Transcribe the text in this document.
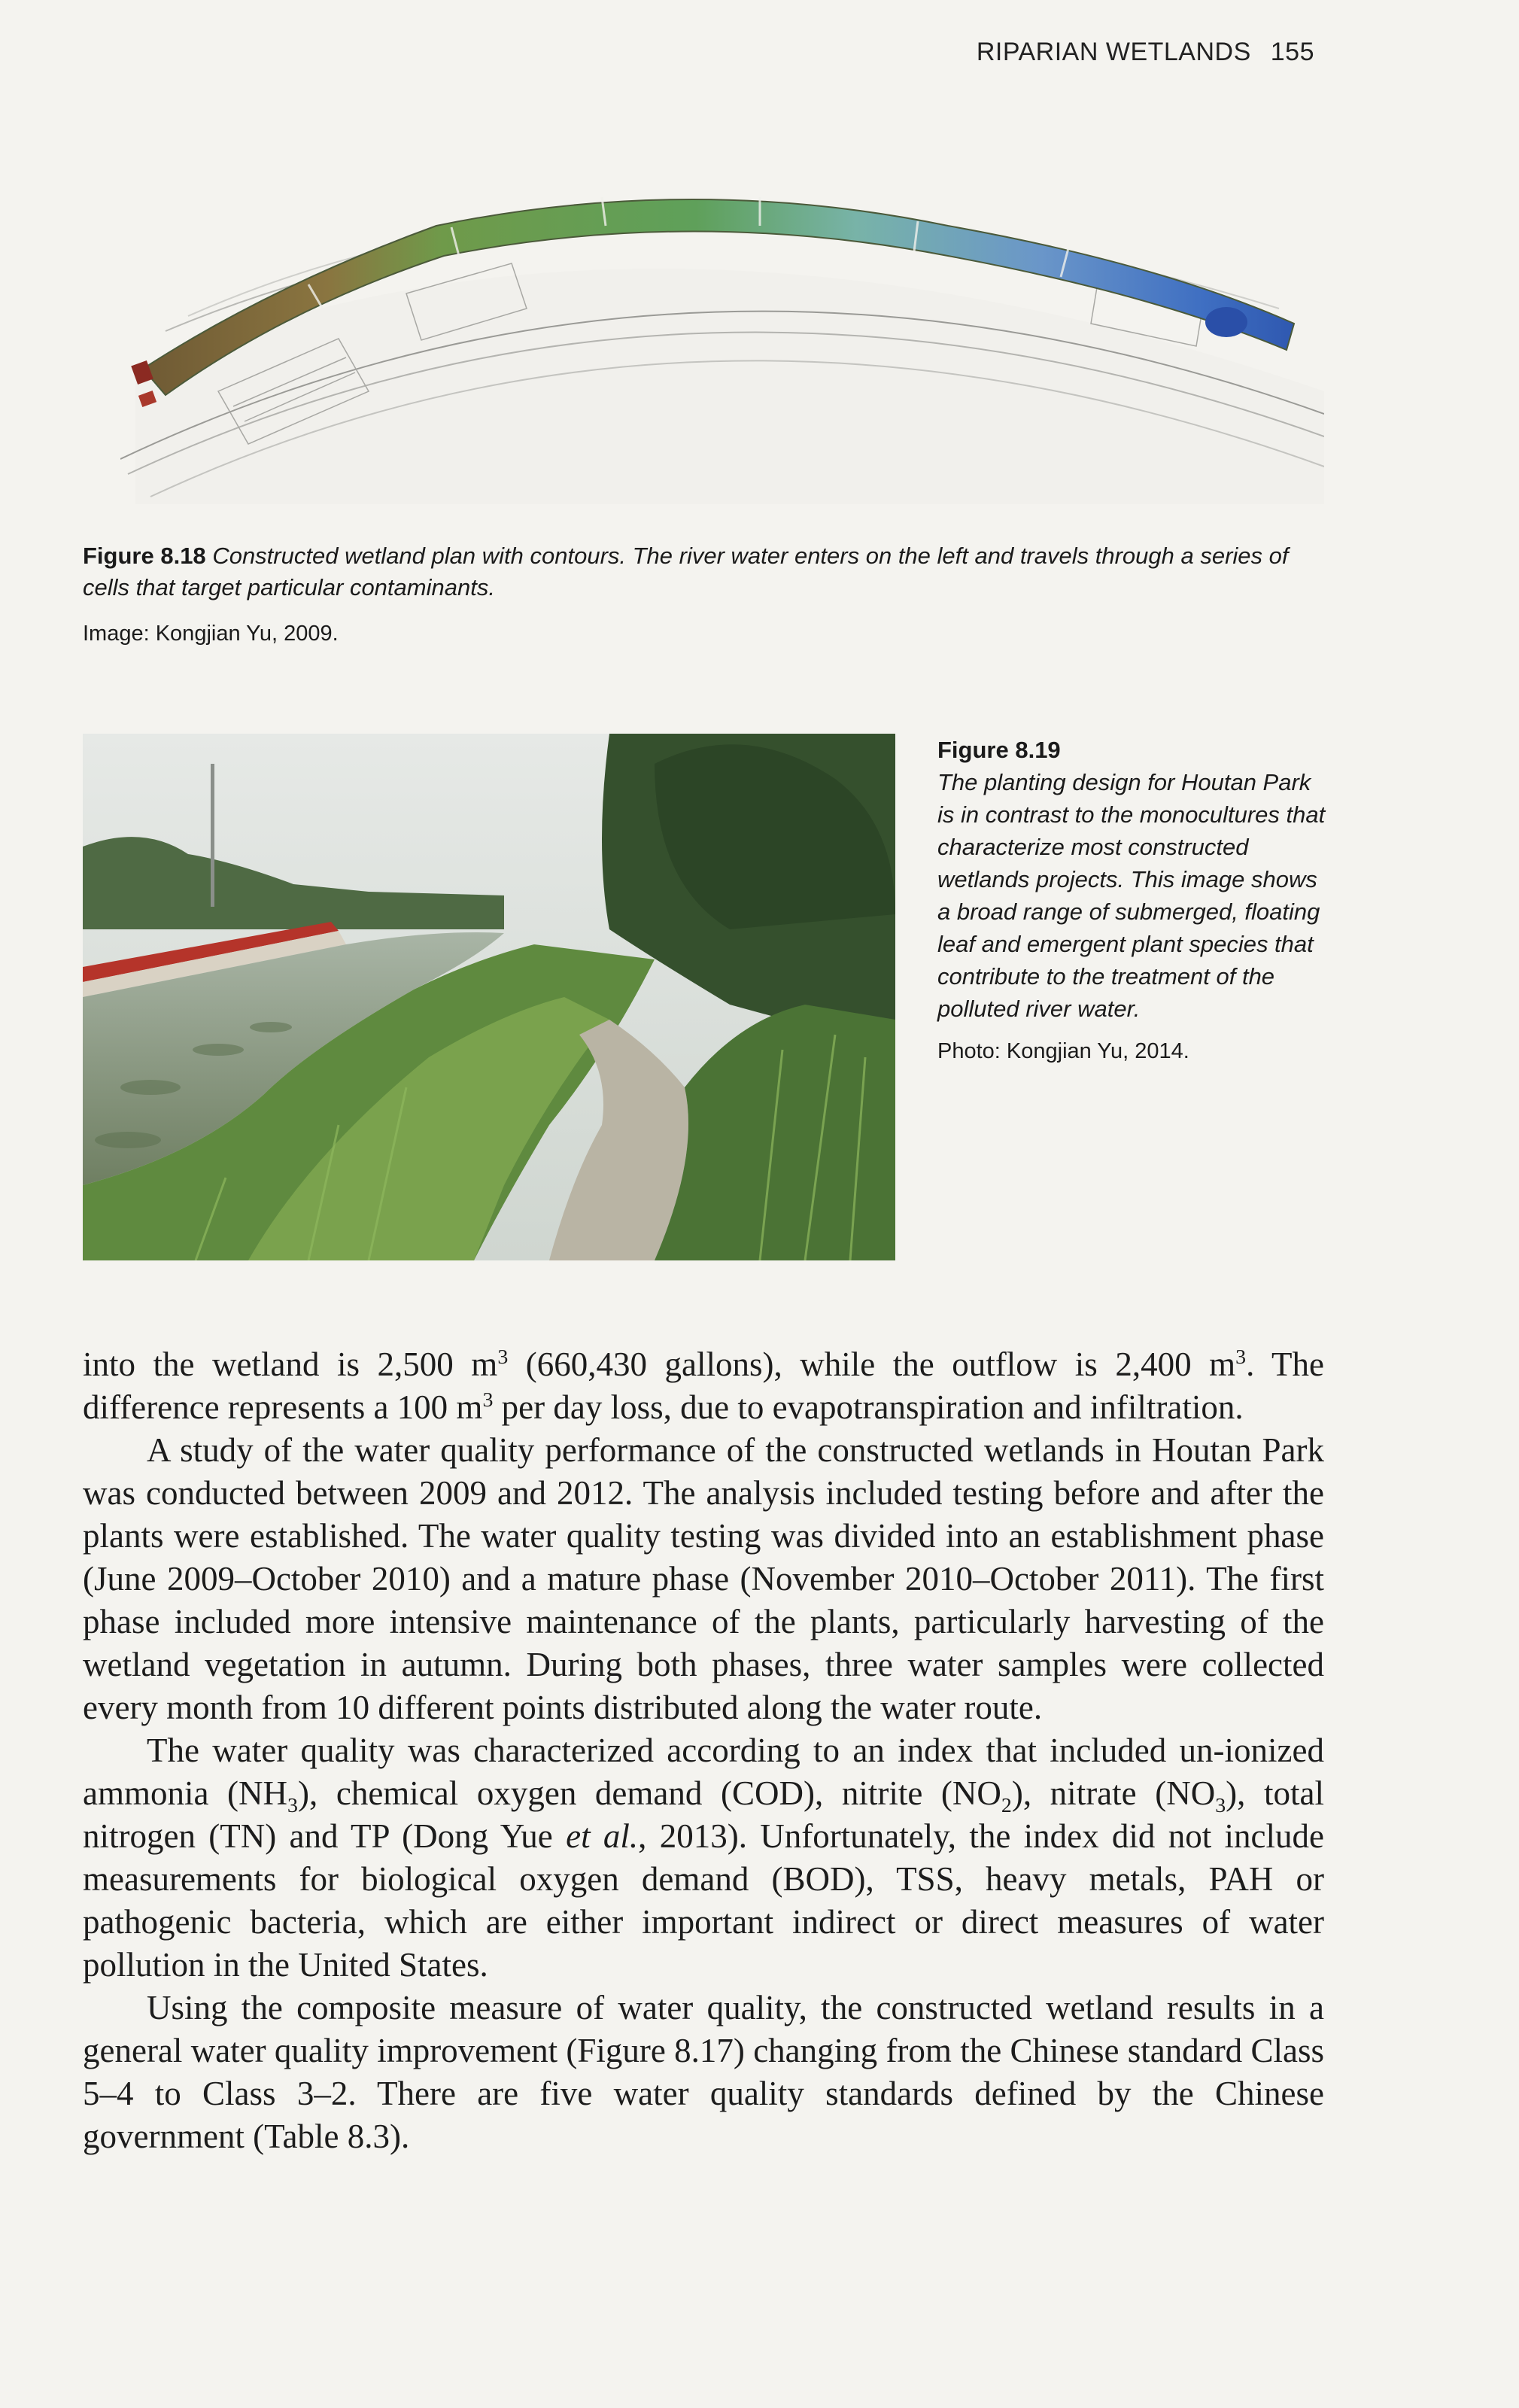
RIPARIAN WETLANDS 155
Figure 8.18 Constructed wetland plan with contours. The river water enters on the left and travels through a series of cells that target particular contaminants.
Image: Kongjian Yu, 2009.
Figure 8.19
The planting design for Houtan Park is in contrast to the monocultures that characterize most constructed wetlands projects. This image shows a broad range of submerged, floating leaf and emergent plant species that contribute to the treatment of the polluted river water.
Photo: Kongjian Yu, 2014.

into the wetland is 2,500 $m^3$ (660,430 gallons), while the outflow is 2,400 $m^3$. The difference represents a 100 $m^3$ per day loss, due to evapotranspiration and infiltration.

A study of the water quality performance of the constructed wetlands in Houtan Park was conducted between 2009 and 2012. The analysis included testing before and after the plants were established. The water quality testing was divided into an establishment phase (June 2009–October 2010) and a mature phase (November 2010–October 2011). The first phase included more intensive maintenance of the plants, particularly harvesting of the wetland vegetation in autumn. During both phases, three water samples were collected every month from 10 different points distributed along the water route.

The water quality was characterized according to an index that included un-ionized ammonia $(NH_3)$, chemical oxygen demand (COD), nitrite $(NO_2)$, nitrate $(NO_3)$, total nitrogen (TN) and TP (Dong Yue et al., 2013). Unfortunately, the index did not include measurements for biological oxygen demand (BOD), TSS, heavy metals, PAH or pathogenic bacteria, which are either important indirect or direct measures of water pollution in the United States.

Using the composite measure of water quality, the constructed wetland results in a general water quality improvement (Figure 8.17) changing from the Chinese standard Class 5–4 to Class 3–2. There are five water quality standards defined by the Chinese government (Table 8.3).
